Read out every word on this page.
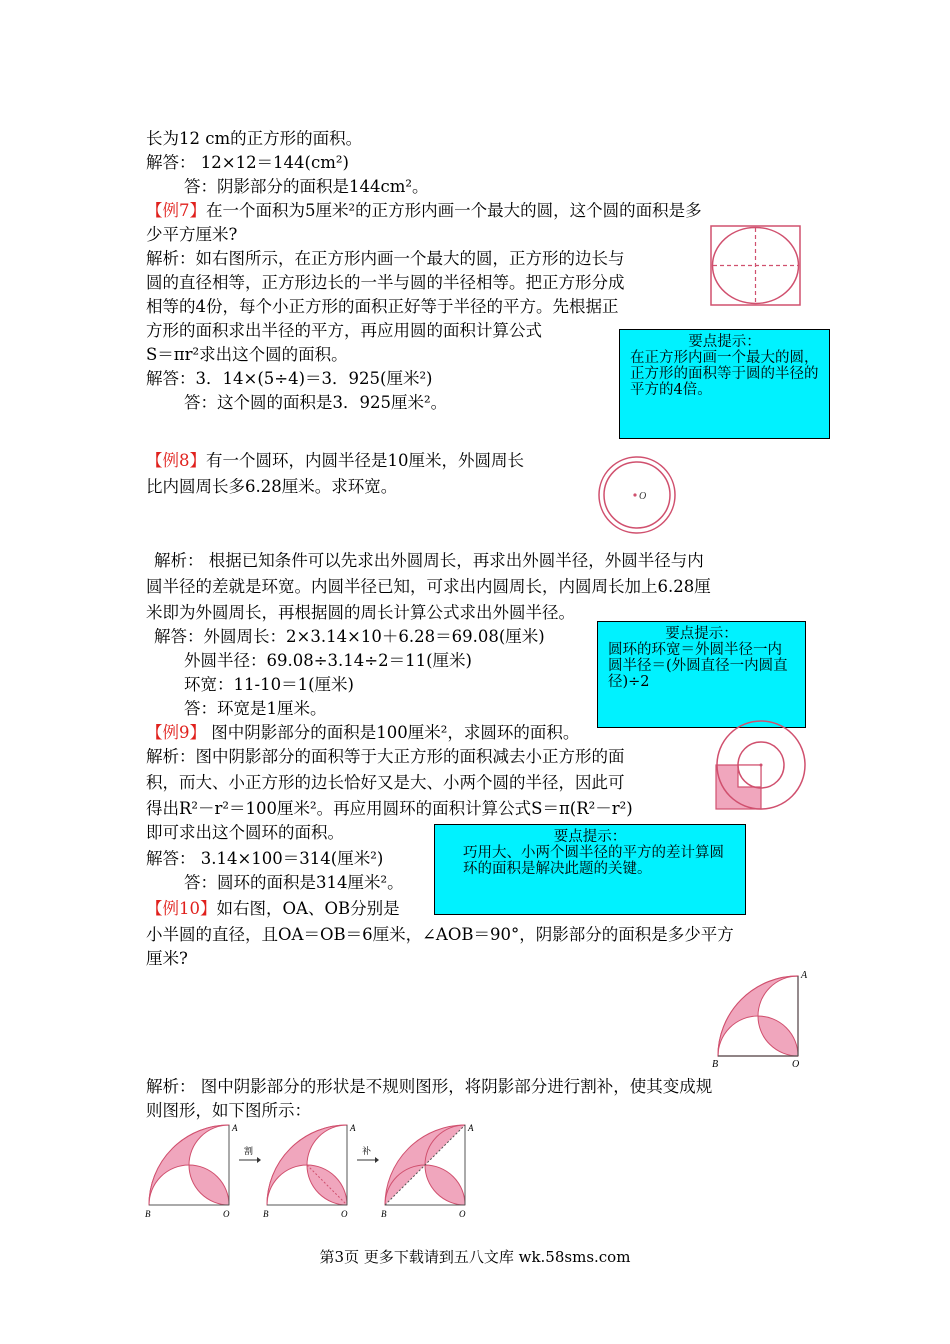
长为12 cm的正方形的面积。
解答： 12×12＝144(cm²)
答：阴影部分的面积是144cm²。
【例7】在一个面积为5厘米²的正方形内画一个最大的圆，这个圆的面积是多
少平方厘米?
解析：如右图所示，在正方形内画一个最大的圆，正方形的边长与
圆的直径相等，正方形边长的一半与圆的半径相等。把正方形分成
相等的4份，每个小正方形的面积正好等于半径的平方。先根据正
方形的面积求出半径的平方，再应用圆的面积计算公式
S＝πr²求出这个圆的面积。
解答：3．14×(5÷4)＝3．925(厘米²)
答：这个圆的面积是3．925厘米²。
要点提示：
在正方形内画一个最大的圆，正方形的面积等于圆的半径的平方的4倍。
【例8】有一个圆环，内圆半径是10厘米，外圆周长
比内圆周长多6.28厘米。求环宽。
O
解析： 根据已知条件可以先求出外圆周长，再求出外圆半径，外圆半径与内
圆半径的差就是环宽。内圆半径已知，可求出内圆周长，内圆周长加上6.28厘
米即为外圆周长，再根据圆的周长计算公式求出外圆半径。
解答：外圆周长：2×3.14×10＋6.28＝69.08(厘米)
外圆半径：69.08÷3.14÷2＝11(厘米)
环宽：11-10＝1(厘米)
答：环宽是1厘米。
要点提示：
圆环的环宽＝外圆半径一内圆半径＝(外圆直径一内圆直径)÷2
【例9】 图中阴影部分的面积是100厘米²，求圆环的面积。
解析：图中阴影部分的面积等于大正方形的面积减去小正方形的面
积，而大、小正方形的边长恰好又是大、小两个圆的半径，因此可
得出R²－r²＝100厘米²。再应用圆环的面积计算公式S＝π(R²－r²)
即可求出这个圆环的面积。
解答： 3.14×100＝314(厘米²)
答：圆环的面积是314厘米²。
要点提示：
巧用大、小两个圆半径的平方的差计算圆环的面积是解决此题的关键。
【例10】如右图，OA、OB分别是
小半圆的直径，且OA＝OB＝6厘米，∠AOB＝90°，阴影部分的面积是多少平方
厘米?
A
B	O
解析： 图中阴影部分的形状是不规则图形，将阴影部分进行割补，使其变成规
则图形，如下图所示：
A
B	O
割
A
B	O
补
A
B	O
第3页 更多下载请到五八文库 wk.58sms.com
